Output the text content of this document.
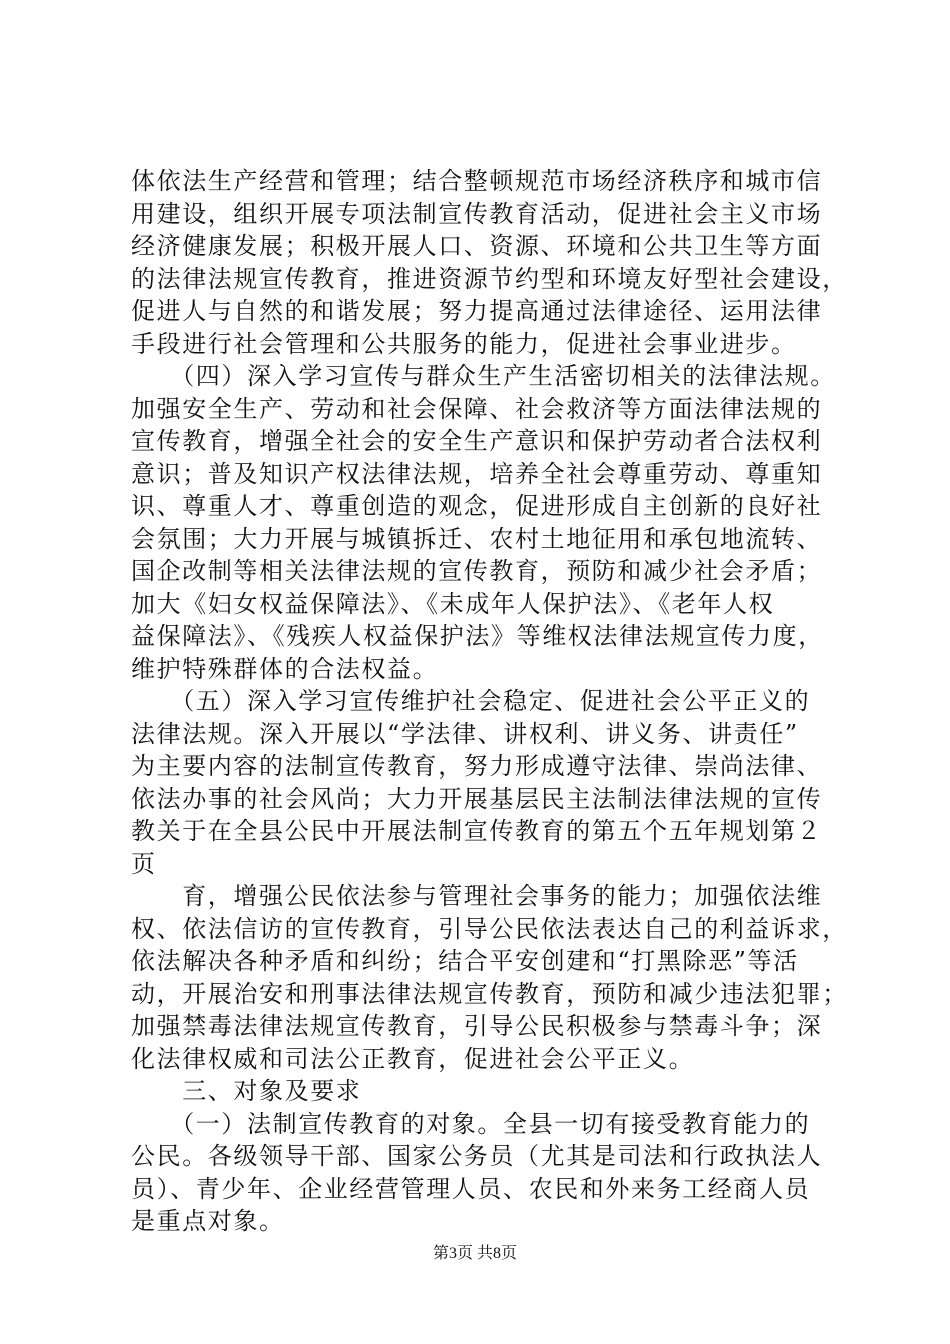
体依法生产经营和管理；结合整顿规范市场经济秩序和城市信
用建设，组织开展专项法制宣传教育活动，促进社会主义市场
经济健康发展；积极开展人口、资源、环境和公共卫生等方面
的法律法规宣传教育，推进资源节约型和环境友好型社会建设，
促进人与自然的和谐发展；努力提高通过法律途径、运用法律
手段进行社会管理和公共服务的能力，促进社会事业进步。
　　（四）深入学习宣传与群众生产生活密切相关的法律法规。
加强安全生产、劳动和社会保障、社会救济等方面法律法规的
宣传教育，增强全社会的安全生产意识和保护劳动者合法权利
意识；普及知识产权法律法规，培养全社会尊重劳动、尊重知
识、尊重人才、尊重创造的观念，促进形成自主创新的良好社
会氛围；大力开展与城镇拆迁、农村土地征用和承包地流转、
国企改制等相关法律法规的宣传教育，预防和减少社会矛盾；
加大《妇女权益保障法》、《未成年人保护法》、《老年人权
益保障法》、《残疾人权益保护法》等维权法律法规宣传力度，
维护特殊群体的合法权益。
　　（五）深入学习宣传维护社会稳定、促进社会公平正义的
法律法规。深入开展以“学法律、讲权利、讲义务、讲责任”
为主要内容的法制宣传教育，努力形成遵守法律、崇尚法律、
依法办事的社会风尚；大力开展基层民主法制法律法规的宣传
教关于在全县公民中开展法制宣传教育的第五个五年规划第２
页
　　育，增强公民依法参与管理社会事务的能力；加强依法维
权、依法信访的宣传教育，引导公民依法表达自己的利益诉求，
依法解决各种矛盾和纠纷；结合平安创建和“打黑除恶”等活
动，开展治安和刑事法律法规宣传教育，预防和减少违法犯罪；
加强禁毒法律法规宣传教育，引导公民积极参与禁毒斗争；深
化法律权威和司法公正教育，促进社会公平正义。
　　三、对象及要求
　　（一）法制宣传教育的对象。全县一切有接受教育能力的
公民。各级领导干部、国家公务员（尤其是司法和行政执法人
员）、青少年、企业经营管理人员、农民和外来务工经商人员
是重点对象。
第3页 共8页
